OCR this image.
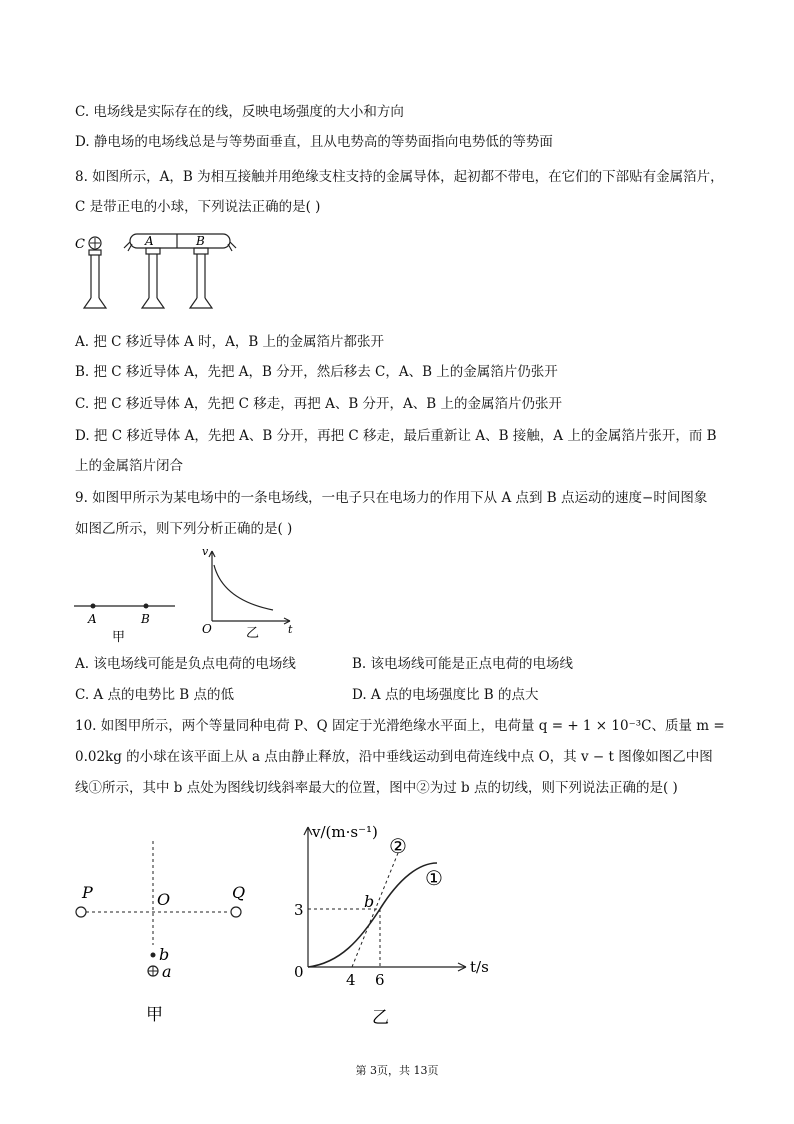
C. 电场线是实际存在的线，反映电场强度的大小和方向
D. 静电场的电场线总是与等势面垂直，且从电势高的等势面指向电势低的等势面
8. 如图所示，A，B 为相互接触并用绝缘支柱支持的金属导体，起初都不带电，在它们的下部贴有金属箔片，
C 是带正电的小球，下列说法正确的是( )
C	A	B
A. 把 C 移近导体 A 时，A，B 上的金属箔片都张开
B. 把 C 移近导体 A，先把 A，B 分开，然后移去 C，A、B 上的金属箔片仍张开
C. 把 C 移近导体 A，先把 C 移走，再把 A、B 分开，A、B 上的金属箔片仍张开
D. 把 C 移近导体 A，先把 A、B 分开，再把 C 移走，最后重新让 A、B 接触，A 上的金属箔片张开，而 B
上的金属箔片闭合
9. 如图甲所示为某电场中的一条电场线，一电子只在电场力的作用下从 A 点到 B 点运动的速度−时间图象
如图乙所示，则下列分析正确的是( )
A	B
甲
v
O	t
乙
A. 该电场线可能是负点电荷的电场线	B. 该电场线可能是正点电荷的电场线
C. A 点的电势比 B 点的低	D. A 点的电场强度比 B 的点大
10. 如图甲所示，两个等量同种电荷 P、Q 固定于光滑绝缘水平面上，电荷量 q = + 1 × 10⁻³C、质量 m =
0.02kg 的小球在该平面上从 a 点由静止释放，沿中垂线运动到电荷连线中点 O，其 v − t 图像如图乙中图
线①所示，其中 b 点处为图线切线斜率最大的位置，图中②为过 b 点的切线，则下列说法正确的是( )
P	O	Q
b
a
甲
v/(m·s⁻¹)
t/s
b
3
0	4 6
②
①
乙
第 3页，共 13页
